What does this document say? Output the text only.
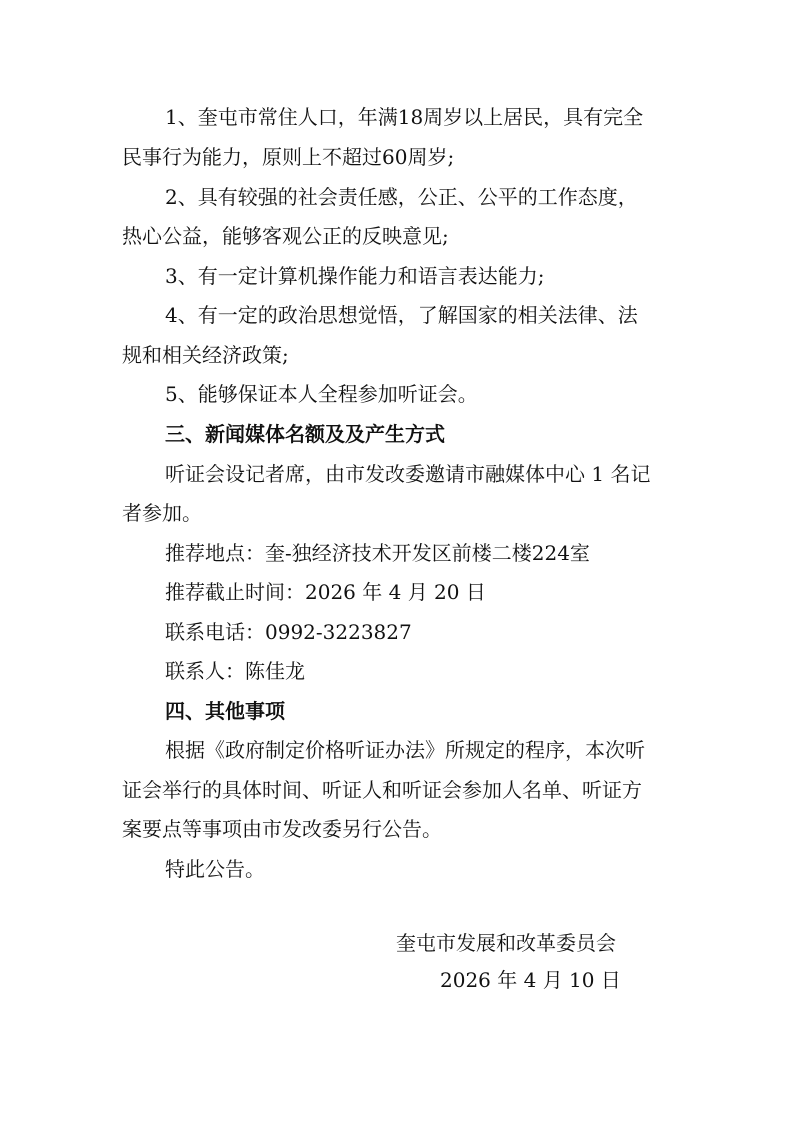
1、奎屯市常住人口，年满18周岁以上居民，具有完全
民事行为能力，原则上不超过60周岁;
2、具有较强的社会责任感，公正、公平的工作态度，
热心公益，能够客观公正的反映意见;
3、有一定计算机操作能力和语言表达能力;
4、有一定的政治思想觉悟，了解国家的相关法律、法
规和相关经济政策;
5、能够保证本人全程参加听证会。
三、新闻媒体名额及及产生方式
听证会设记者席，由市发改委邀请市融媒体中心 1 名记
者参加。
推荐地点：奎-独经济技术开发区前楼二楼224室
推荐截止时间：2026 年 4 月 20 日
联系电话：0992-3223827
联系人：陈佳龙
四、其他事项
根据《政府制定价格听证办法》所规定的程序，本次听
证会举行的具体时间、听证人和听证会参加人名单、听证方
案要点等事项由市发改委另行公告。
特此公告。
奎屯市发展和改革委员会
2026 年 4 月 10 日
